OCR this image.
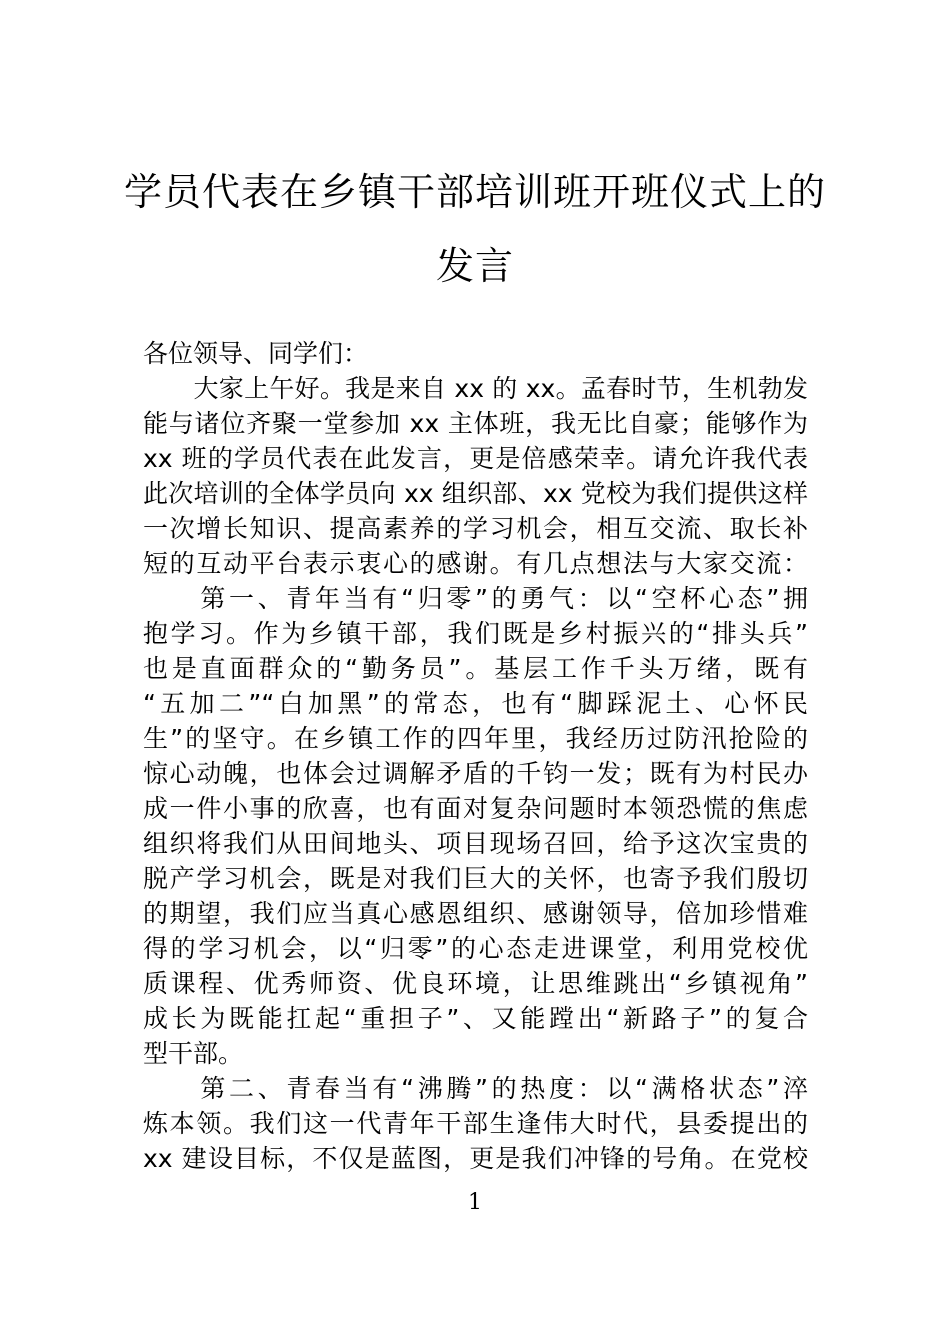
学员代表在乡镇干部培训班开班仪式上的
发言
各位领导、同学们：
　　大家上午好。我是来自 xx 的 xx。孟春时节，生机勃发
能与诸位齐聚一堂参加 xx 主体班，我无比自豪；能够作为
xx 班的学员代表在此发言，更是倍感荣幸。请允许我代表
此次培训的全体学员向 xx 组织部、xx 党校为我们提供这样
一次增长知识、提高素养的学习机会，相互交流、取长补
短的互动平台表示衷心的感谢。有几点想法与大家交流：
　　第一、青年当有“归零”的勇气：以“空杯心态”拥
抱学习。作为乡镇干部，我们既是乡村振兴的“排头兵”
也是直面群众的“勤务员”。基层工作千头万绪，既有
“五加二”“白加黑”的常态，也有“脚踩泥土、心怀民
生”的坚守。在乡镇工作的四年里，我经历过防汛抢险的
惊心动魄，也体会过调解矛盾的千钧一发；既有为村民办
成一件小事的欣喜，也有面对复杂问题时本领恐慌的焦虑
组织将我们从田间地头、项目现场召回，给予这次宝贵的
脱产学习机会，既是对我们巨大的关怀，也寄予我们殷切
的期望，我们应当真心感恩组织、感谢领导，倍加珍惜难
得的学习机会，以“归零”的心态走进课堂，利用党校优
质课程、优秀师资、优良环境，让思维跳出“乡镇视角”
成长为既能扛起“重担子”、又能蹚出“新路子”的复合
型干部。
　　第二、青春当有“沸腾”的热度：以“满格状态”淬
炼本领。我们这一代青年干部生逢伟大时代，县委提出的
xx 建设目标，不仅是蓝图，更是我们冲锋的号角。在党校
1
